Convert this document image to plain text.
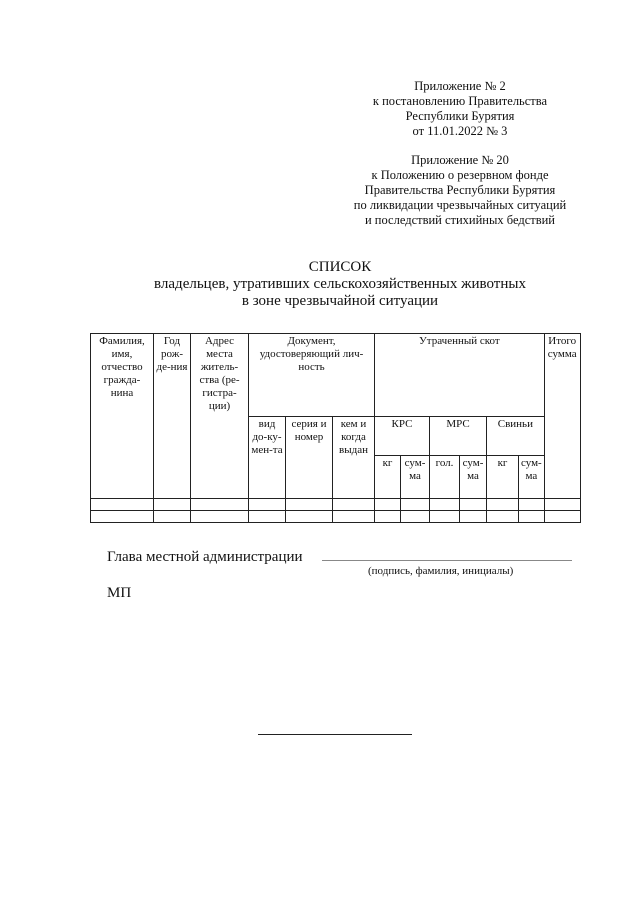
Приложение № 2
к постановлению Правительства
Республики Бурятия
от 11.01.2022 № 3
Приложение № 20
к Положению о резервном фонде
Правительства Республики Бурятия
по ликвидации чрезвычайных ситуаций
и последствий стихийных бедствий
СПИСОК
владельцев, утративших сельскохозяйственных животных
в зоне чрезвычайной ситуации
Фамилия, имя, отчество гражда-нина	Год рож-де-ния	Адрес места житель-ства (ре-гистра-ции)	Документ, удостоверяющий лич-ность			Утраченный скот						Итого сумма
			вид до-ку-мен-та	серия и номер	кем и когда выдан	КРС		МРС		Свиньи		
						кг	сум-ма	гол.	сум-ма	кг	сум-ма	

Глава местной администрации
(подпись, фамилия, инициалы)
МП
